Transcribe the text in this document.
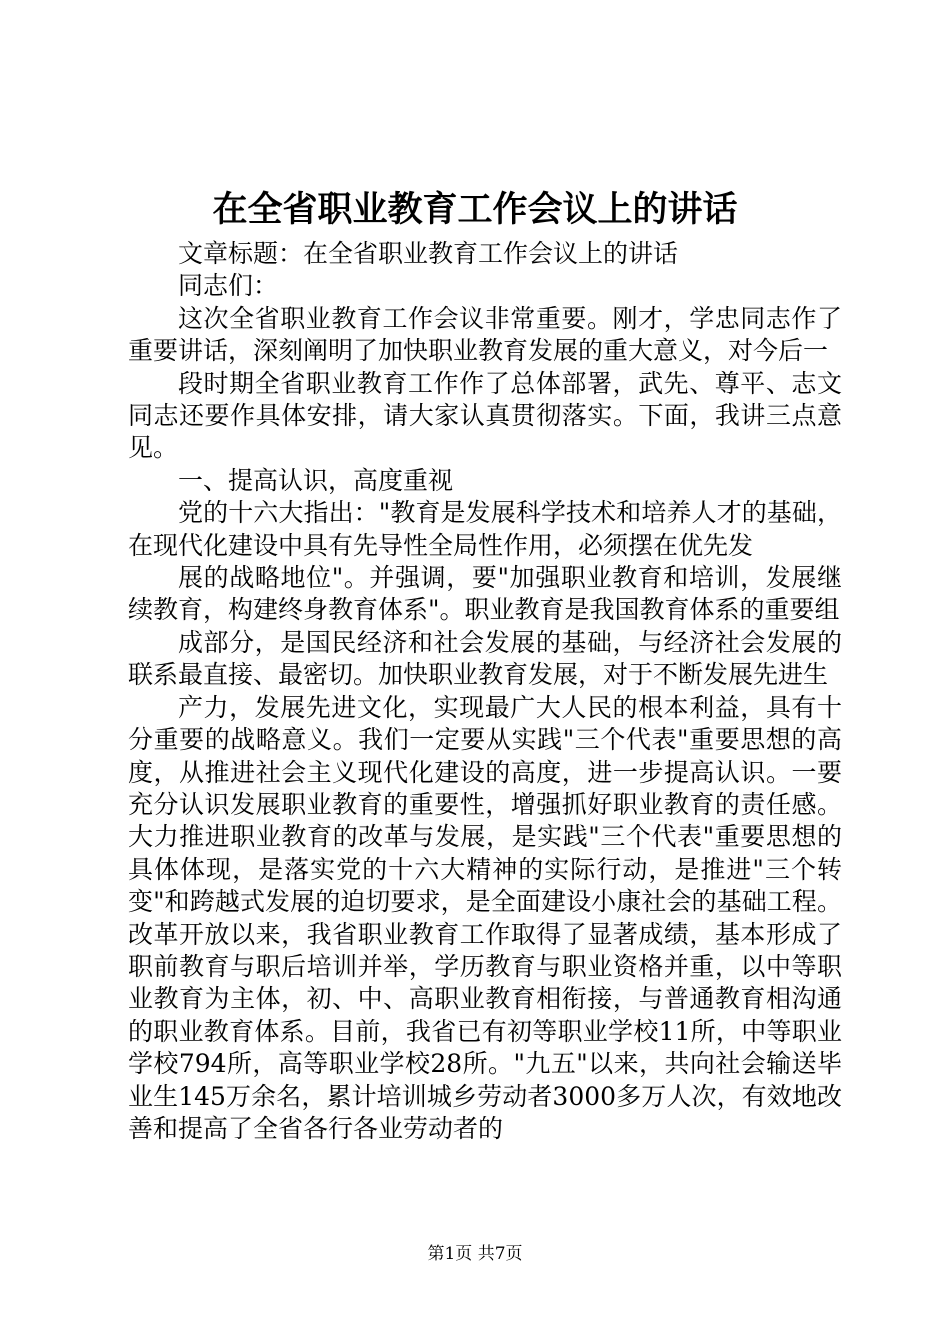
在全省职业教育工作会议上的讲话

文章标题：在全省职业教育工作会议上的讲话

同志们：

这次全省职业教育工作会议非常重要。刚才，学忠同志作了重要讲话，深刻阐明了加快职业教育发展的重大意义，对今后一

段时期全省职业教育工作作了总体部署，武先、尊平、志文同志还要作具体安排，请大家认真贯彻落实。下面，我讲三点意见。

一、提高认识，高度重视

党的十六大指出："教育是发展科学技术和培养人才的基础，在现代化建设中具有先导性全局性作用，必须摆在优先发

展的战略地位"。并强调，要"加强职业教育和培训，发展继续教育，构建终身教育体系"。职业教育是我国教育体系的重要组

成部分，是国民经济和社会发展的基础，与经济社会发展的联系最直接、最密切。加快职业教育发展，对于不断发展先进生

产力，发展先进文化，实现最广大人民的根本利益，具有十分重要的战略意义。我们一定要从实践"三个代表"重要思想的高度，从推进社会主义现代化建设的高度，进一步提高认识。一要充分认识发展职业教育的重要性，增强抓好职业教育的责任感。大力推进职业教育的改革与发展，是实践"三个代表"重要思想的具体体现，是落实党的十六大精神的实际行动，是推进"三个转变"和跨越式发展的迫切要求，是全面建设小康社会的基础工程。改革开放以来，我省职业教育工作取得了显著成绩，基本形成了职前教育与职后培训并举，学历教育与职业资格并重，以中等职业教育为主体，初、中、高职业教育相衔接，与普通教育相沟通的职业教育体系。目前，我省已有初等职业学校11所，中等职业学校794所，高等职业学校28所。"九五"以来，共向社会输送毕业生145万余名，累计培训城乡劳动者3000多万人次，有效地改善和提高了全省各行各业劳动者的

第1页 共7页
